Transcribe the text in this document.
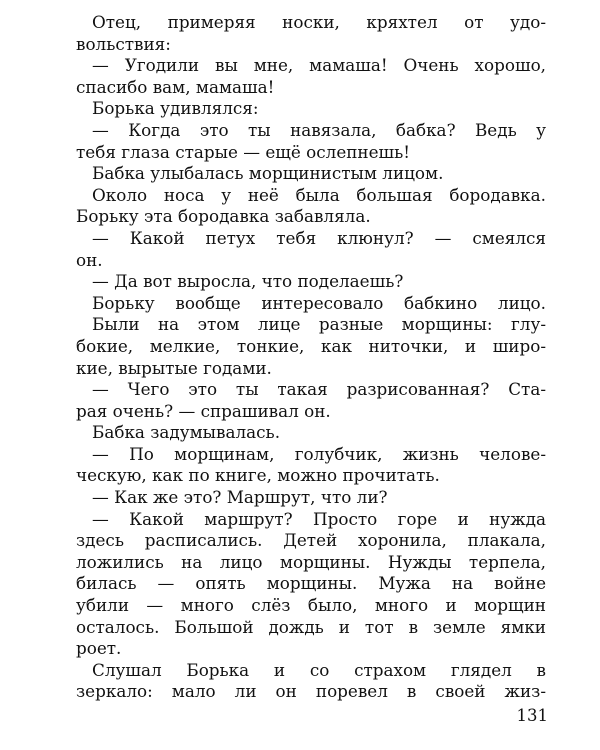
Отец, примеряя носки, кряхтел от удо-
вольствия:
— Угодили вы мне, мамаша! Очень хорошо,
спасибо вам, мамаша!
Борька удивлялся:
— Когда это ты навязала, бабка? Ведь у
тебя глаза старые — ещё ослепнешь!
Бабка улыбалась морщинистым лицом.
Около носа у неё была большая бородавка.
Борьку эта бородавка забавляла.
— Какой петух тебя клюнул? — смеялся
он.
— Да вот выросла, что поделаешь?
Борьку вообще интересовало бабкино лицо.
Были на этом лице разные морщины: глу-
бокие, мелкие, тонкие, как ниточки, и широ-
кие, вырытые годами.
— Чего это ты такая разрисованная? Ста-
рая очень? — спрашивал он.
Бабка задумывалась.
— По морщинам, голубчик, жизнь челове-
ческую, как по книге, можно прочитать.
— Как же это? Маршрут, что ли?
— Какой маршрут? Просто горе и нужда
здесь расписались. Детей хоронила, плакала,
ложились на лицо морщины. Нужды терпела,
билась — опять морщины. Мужа на войне
убили — много слёз было, много и морщин
осталось. Большой дождь и тот в земле ямки
роет.
Слушал Борька и со страхом глядел в
зеркало: мало ли он поревел в своей жиз-
131
